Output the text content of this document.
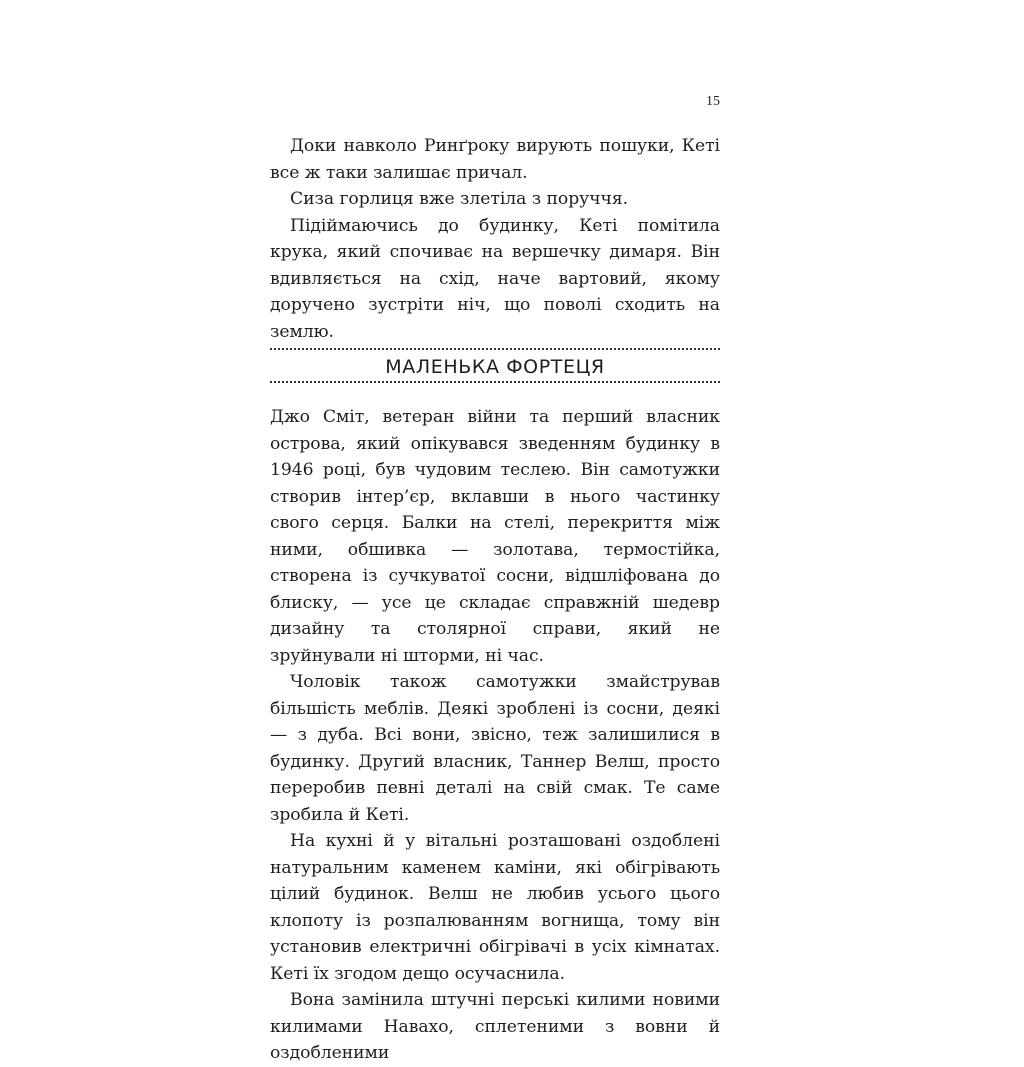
15

Доки навколо Ринґроку вирують пошуки, Кеті все ж таки залишає причал.

Сиза горлиця вже злетіла з поруччя.

Підіймаючись до будинку, Кеті помітила крука, який спочиває на вершечку димаря. Він вдивляється на схід, наче вартовий, якому доручено зустріти ніч, що поволі сходить на землю.

МАЛЕНЬКА ФОРТЕЦЯ

Джо Сміт, ветеран війни та перший власник острова, який опікувався зведенням будинку в 1946 році, був чудовим теслею. Він самотужки створив інтер’єр, вклавши в нього частинку свого серця. Балки на стелі, перекриття між ними, обшивка — золотава, термостійка, створена із сучкуватої сосни, відшліфована до блиску, — усе це складає справжній шедевр дизайну та столярної справи, який не зруйнували ні шторми, ні час.

Чоловік також самотужки змайстрував більшість меблів. Деякі зроблені із сосни, деякі — з дуба. Всі вони, звісно, теж залишилися в будинку. Другий власник, Таннер Велш, просто переробив певні деталі на свій смак. Те саме зробила й Кеті.

На кухні й у вітальні розташовані оздоблені натуральним каменем каміни, які обігрівають цілий будинок. Велш не любив усього цього клопоту із розпалюванням вогнища, тому він установив електричні обігрівачі в усіх кімнатах. Кеті їх згодом дещо осучаснила.

Вона замінила штучні перські килими новими килимами Навахо, сплетеними з вовни й оздобленими
